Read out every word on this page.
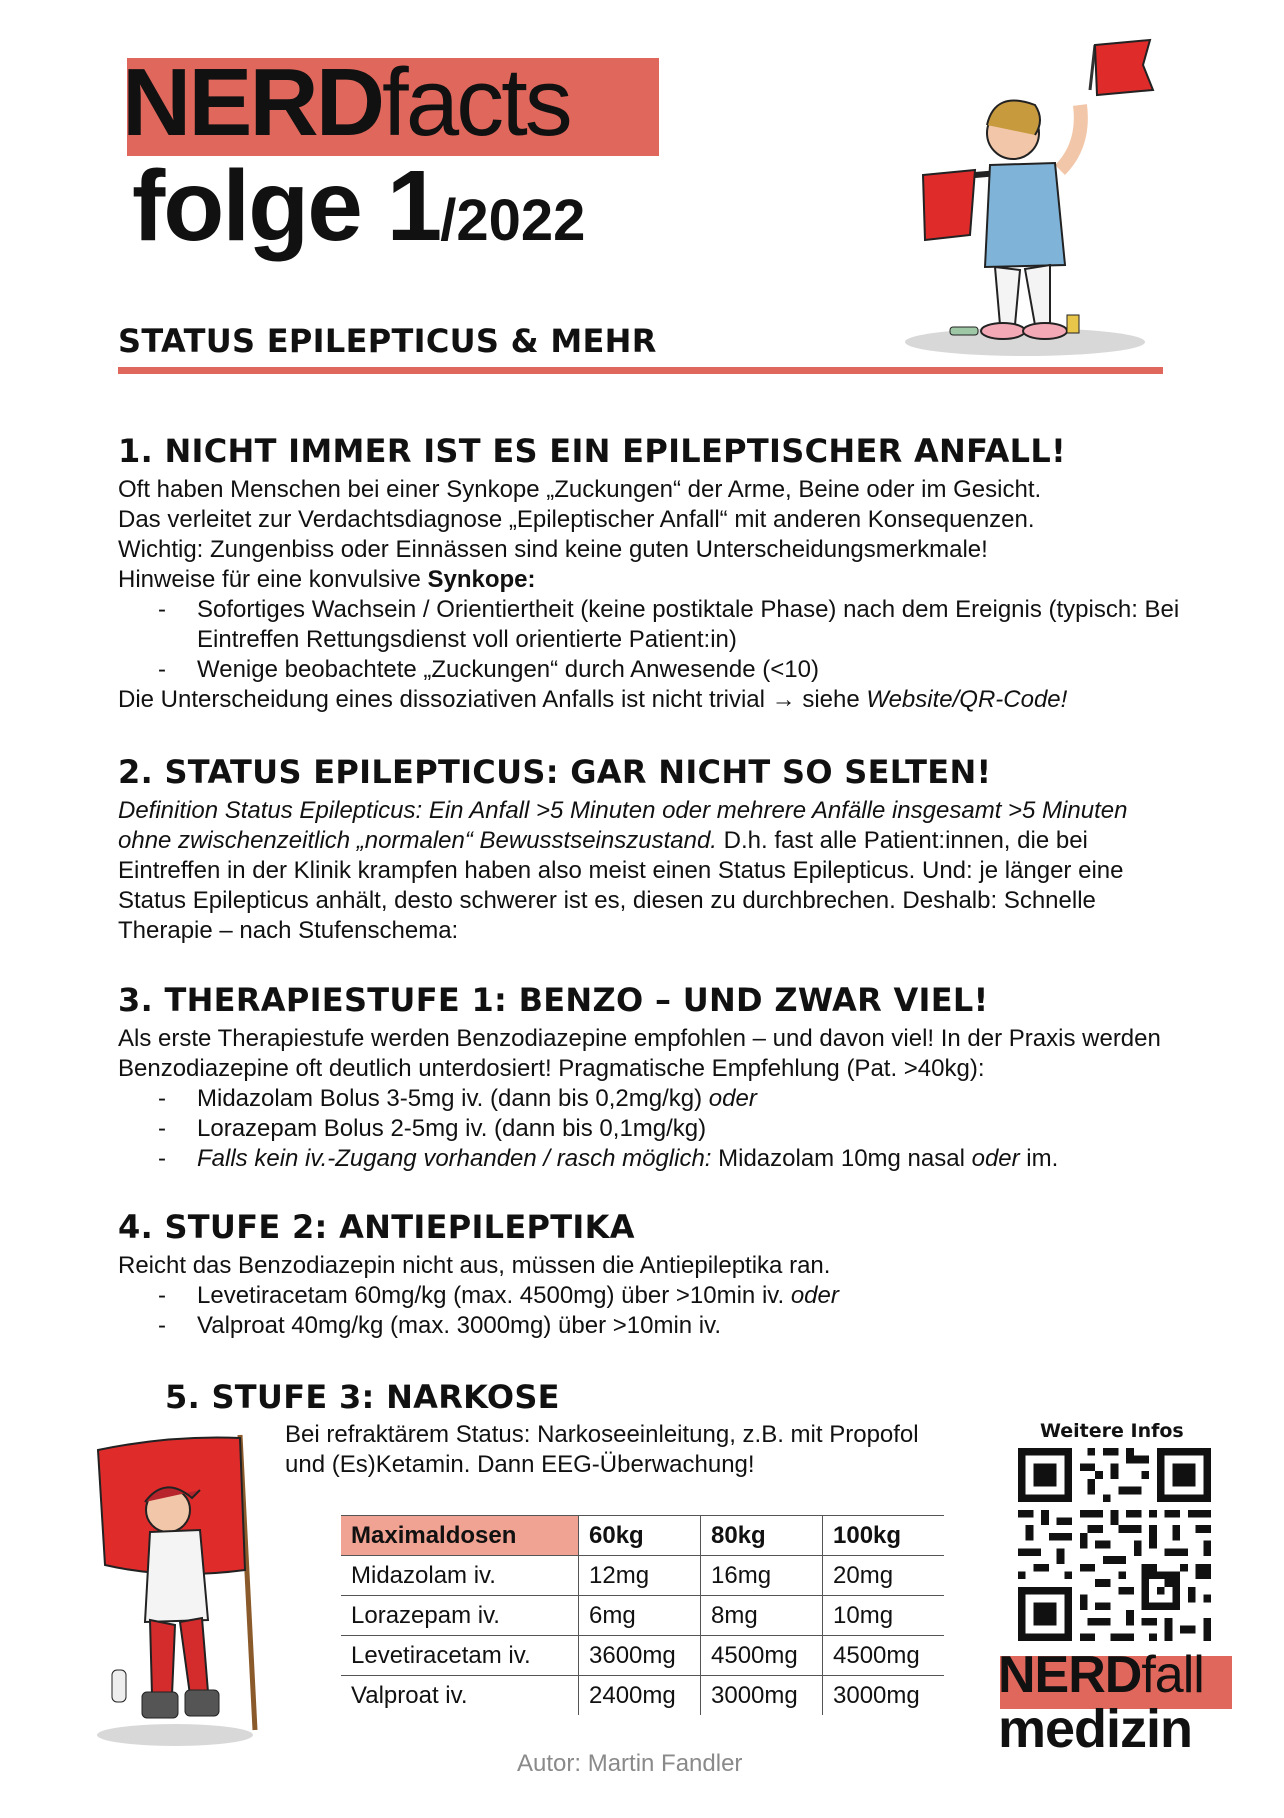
NERDfacts
folge 1/2022
STATUS EPILEPTICUS & MEHR
1. NICHT IMMER IST ES EIN EPILEPTISCHER ANFALL!

Oft haben Menschen bei einer Synkope „Zuckungen“ der Arme, Beine oder im Gesicht.

Das verleitet zur Verdachtsdiagnose „Epileptischer Anfall“ mit anderen Konsequenzen.

Wichtig: Zungenbiss oder Einnässen sind keine guten Unterscheidungsmerkmale!

Hinweise für eine konvulsive Synkope:

- Sofortiges Wachsein / Orientiertheit (keine postiktale Phase) nach dem Ereignis (typisch: Bei Eintreffen Rettungsdienst voll orientierte Patient:in)
- Wenige beobachtete „Zuckungen“ durch Anwesende (<10)

Die Unterscheidung eines dissoziativen Anfalls ist nicht trivial → siehe Website/QR-Code!

2. STATUS EPILEPTICUS: GAR NICHT SO SELTEN!

Definition Status Epilepticus: Ein Anfall >5 Minuten oder mehrere Anfälle insgesamt >5 Minuten ohne zwischenzeitlich „normalen“ Bewusstseinszustand. D.h. fast alle Patient:innen, die bei Eintreffen in der Klinik krampfen haben also meist einen Status Epilepticus. Und: je länger eine Status Epilepticus anhält, desto schwerer ist es, diesen zu durchbrechen. Deshalb: Schnelle Therapie – nach Stufenschema:

3. THERAPIESTUFE 1: BENZO – UND ZWAR VIEL!

Als erste Therapiestufe werden Benzodiazepine empfohlen – und davon viel! In der Praxis werden Benzodiazepine oft deutlich unterdosiert! Pragmatische Empfehlung (Pat. >40kg):

- Midazolam Bolus 3-5mg iv. (dann bis 0,2mg/kg) oder
- Lorazepam Bolus 2-5mg iv. (dann bis 0,1mg/kg)
- Falls kein iv.-Zugang vorhanden / rasch möglich: Midazolam 10mg nasal oder im.
4. STUFE 2: ANTIEPILEPTIKA

Reicht das Benzodiazepin nicht aus, müssen die Antiepileptika ran.

- Levetiracetam 60mg/kg (max. 4500mg) über >10min iv. oder
- Valproat 40mg/kg (max. 3000mg) über >10min iv.
5. STUFE 3: NARKOSE

Bei refraktärem Status: Narkoseeinleitung, z.B. mit Propofol

und (Es)Ketamin. Dann EEG-Überwachung!

Maximaldosen	60kg	80kg	100kg
Midazolam iv.	12mg	16mg	20mg
Lorazepam iv.	6mg	8mg	10mg
Levetiracetam iv.	3600mg	4500mg	4500mg
Valproat iv.	2400mg	3000mg	3000mg
Weitere Infos
NERDfall
medizin
Autor: Martin Fandler
